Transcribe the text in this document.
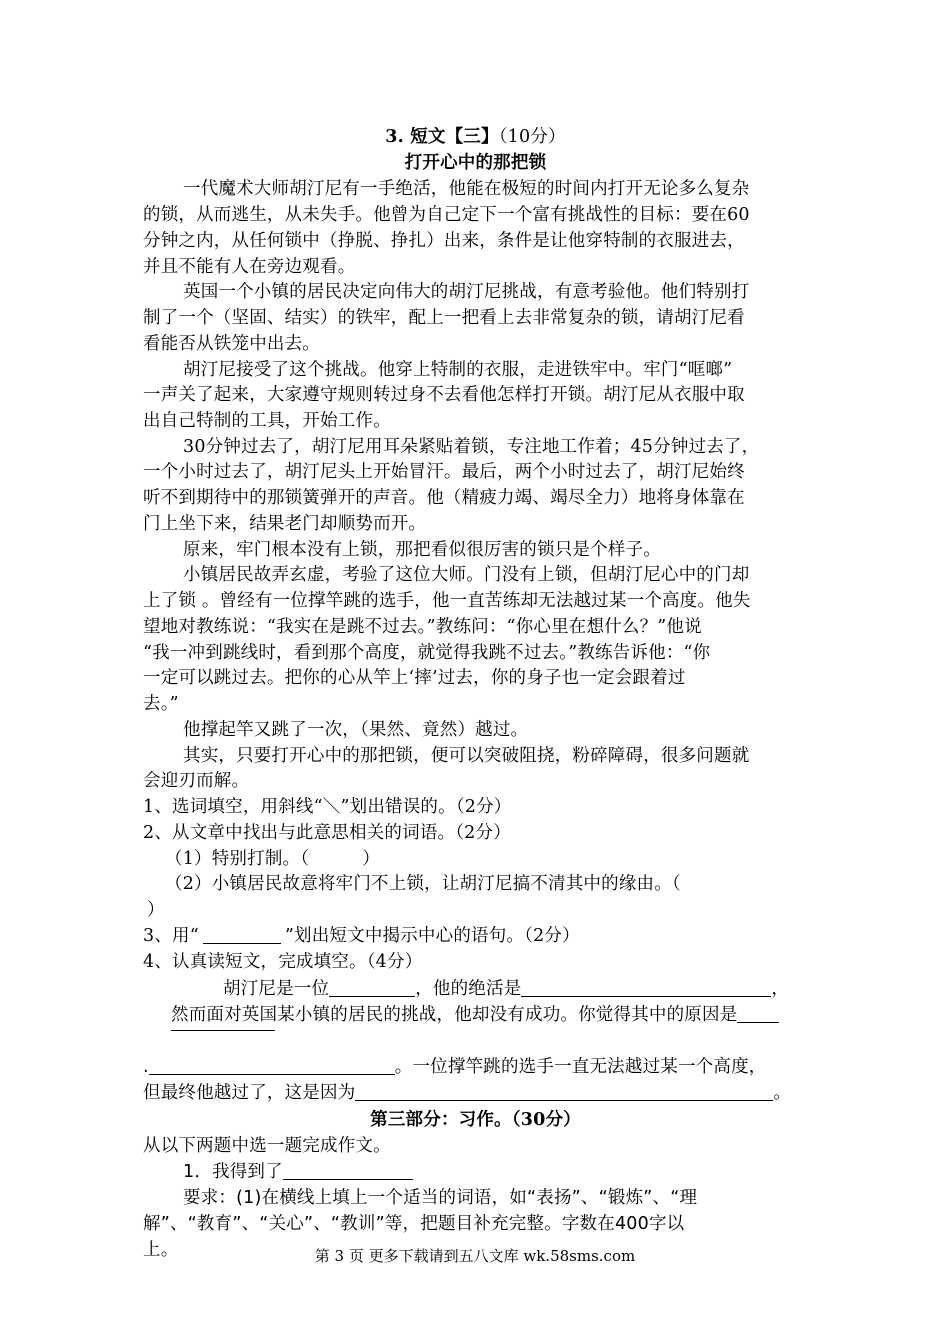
3. 短文【三】（10分）
打开心中的那把锁
一代魔术大师胡汀尼有一手绝活，他能在极短的时间内打开无论多么复杂
的锁，从而逃生，从未失手。他曾为自己定下一个富有挑战性的目标：要在60
分钟之内，从任何锁中（挣脱、挣扎）出来，条件是让他穿特制的衣服进去，
并且不能有人在旁边观看。
英国一个小镇的居民决定向伟大的胡汀尼挑战，有意考验他。他们特别打
制了一个（坚固、结实）的铁牢，配上一把看上去非常复杂的锁，请胡汀尼看
看能否从铁笼中出去。
胡汀尼接受了这个挑战。他穿上特制的衣服，走进铁牢中。牢门“哐啷”
一声关了起来，大家遵守规则转过身不去看他怎样打开锁。胡汀尼从衣服中取
出自己特制的工具，开始工作。
30分钟过去了，胡汀尼用耳朵紧贴着锁，专注地工作着；45分钟过去了，
一个小时过去了，胡汀尼头上开始冒汗。最后，两个小时过去了，胡汀尼始终
听不到期待中的那锁簧弹开的声音。他（精疲力竭、竭尽全力）地将身体靠在
门上坐下来，结果老门却顺势而开。
原来，牢门根本没有上锁，那把看似很厉害的锁只是个样子。
小镇居民故弄玄虚，考验了这位大师。门没有上锁，但胡汀尼心中的门却
上了锁 。曾经有一位撑竿跳的选手，他一直苦练却无法越过某一个高度。他失
望地对教练说：“我实在是跳不过去。”教练问：“你心里在想什么？”他说
“我一冲到跳线时，看到那个高度，就觉得我跳不过去。”教练告诉他：“你
一定可以跳过去。把你的心从竿上‘摔’过去，你的身子也一定会跟着过
去。”
他撑起竿又跳了一次，（果然、竟然）越过。
其实，只要打开心中的那把锁，便可以突破阻挠，粉碎障碍，很多问题就
会迎刃而解。
1、选词填空，用斜线“＼”划出错误的。（2分）
2、从文章中找出与此意思相关的词语。（2分）
（1）特别打制。（　　　）
（2）小镇居民故意将牢门不上锁，让胡汀尼搞不清其中的缘由。（
）
3、用“	”划出短文中揭示中心的语句。（2分）
4、认真读短文，完成填空。（4分）
胡汀尼是一位	，他的绝活是	，
然而面对英国某小镇的居民的挑战，他却没有成功。你觉得其中的原因是
.	。一位撑竿跳的选手一直无法越过某一个高度，
但最终他越过了，这是因为	。
第三部分：习作。（30分）
从以下两题中选一题完成作文。
1．我得到了
要求：(1)在横线上填上一个适当的词语，如“表扬”、“锻炼”、“理
解”、“教育”、“关心”、“教训”等，把题目补充完整。字数在400字以
上。	第 3 页 更多下载请到五八文库 wk.58sms.com
